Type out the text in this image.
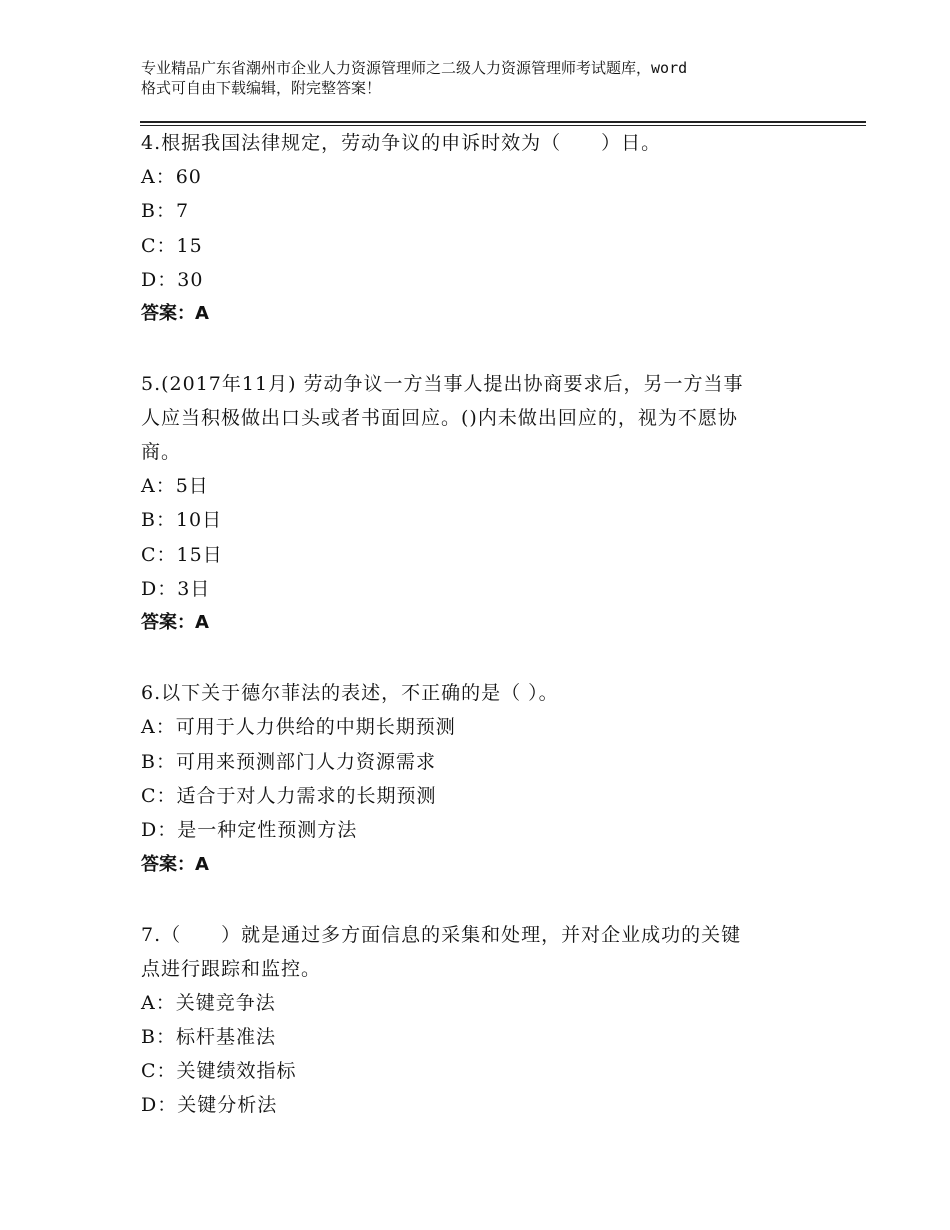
专业精品广东省潮州市企业人力资源管理师之二级人力资源管理师考试题库，word
格式可自由下载编辑，附完整答案！
4.根据我国法律规定，劳动争议的申诉时效为（　　）日。
A：60
B：7
C：15
D：30
答案：A
5.(2017年11月) 劳动争议一方当事人提出协商要求后，另一方当事
人应当积极做出口头或者书面回应。()内未做出回应的，视为不愿协
商。
A：5日
B：10日
C：15日
D：3日
答案：A
6.以下关于德尔菲法的表述，不正确的是（ ）。
A：可用于人力供给的中期长期预测
B：可用来预测部门人力资源需求
C：适合于对人力需求的长期预测
D：是一种定性预测方法
答案：A
7.（　　）就是通过多方面信息的采集和处理，并对企业成功的关键
点进行跟踪和监控。
A：关键竞争法
B：标杆基准法
C：关键绩效指标
D：关键分析法
